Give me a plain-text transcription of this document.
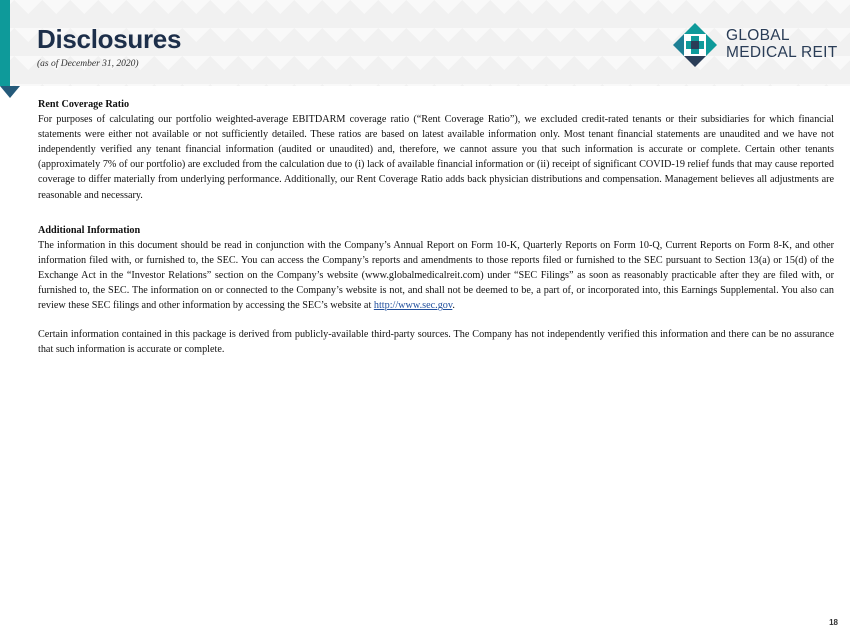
Disclosures
(as of December 31, 2020)
GLOBAL
MEDICAL REIT

Rent Coverage Ratio

For purposes of calculating our portfolio weighted-average EBITDARM coverage ratio (“Rent Coverage Ratio”), we excluded credit-rated tenants or their subsidiaries for which financial statements were either not available or not sufficiently detailed. These ratios are based on latest available information only. Most tenant financial statements are unaudited and we have not independently verified any tenant financial information (audited or unaudited) and, therefore, we cannot assure you that such information is accurate or complete. Certain other tenants (approximately 7% of our portfolio) are excluded from the calculation due to (i) lack of available financial information or (ii) receipt of significant COVID-19 relief funds that may cause reported coverage to differ materially from underlying performance. Additionally, our Rent Coverage Ratio adds back physician distributions and compensation. Management believes all adjustments are reasonable and necessary.

Additional Information

The information in this document should be read in conjunction with the Company’s Annual Report on Form 10-K, Quarterly Reports on Form 10-Q, Current Reports on Form 8-K, and other information filed with, or furnished to, the SEC. You can access the Company’s reports and amendments to those reports filed or furnished to the SEC pursuant to Section 13(a) or 15(d) of the Exchange Act in the “Investor Relations” section on the Company’s website (www.globalmedicalreit.com) under “SEC Filings” as soon as reasonably practicable after they are filed with, or furnished to, the SEC. The information on or connected to the Company’s website is not, and shall not be deemed to be, a part of, or incorporated into, this Earnings Supplemental. You also can review these SEC filings and other information by accessing the SEC’s website at http://www.sec.gov.

Certain information contained in this package is derived from publicly-available third-party sources. The Company has not independently verified this information and there can be no assurance that such information is accurate or complete.

18
